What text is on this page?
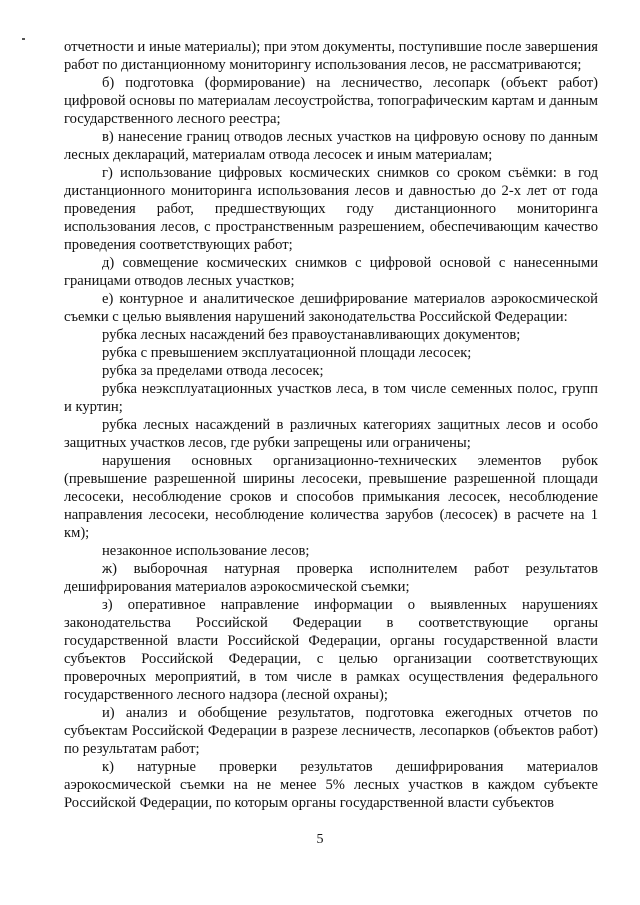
отчетности и иные материалы); при этом документы, поступившие после завершения работ по дистанционному мониторингу использования лесов, не рассматриваются;

б) подготовка (формирование) на лесничество, лесопарк (объект работ) цифровой основы по материалам лесоустройства, топографическим картам и данным государственного лесного реестра;

в) нанесение границ отводов лесных участков на цифровую основу по данным лесных деклараций, материалам отвода лесосек и иным материалам;

г) использование цифровых космических снимков со сроком съёмки: в год дистанционного мониторинга использования лесов и давностью до 2-х лет от года проведения работ, предшествующих году дистанционного мониторинга использования лесов, с пространственным разрешением, обеспечивающим качество проведения соответствующих работ;

д) совмещение космических снимков с цифровой основой с нанесенными границами отводов лесных участков;

е) контурное и аналитическое дешифрирование материалов аэрокосмической съемки с целью выявления нарушений законодательства Российской Федерации:

рубка лесных насаждений без правоустанавливающих документов;

рубка с превышением эксплуатационной площади лесосек;

рубка за пределами отвода лесосек;

рубка неэксплуатационных участков леса, в том числе семенных полос, групп и куртин;

рубка лесных насаждений в различных категориях защитных лесов и особо защитных участков лесов, где рубки запрещены или ограничены;

нарушения основных организационно-технических элементов рубок (превышение разрешенной ширины лесосеки, превышение разрешенной площади лесосеки, несоблюдение сроков и способов примыкания лесосек, несоблюдение направления лесосеки, несоблюдение количества зарубов (лесосек) в расчете на 1 км);

незаконное использование лесов;

ж) выборочная натурная проверка исполнителем работ результатов дешифрирования материалов аэрокосмической съемки;

з) оперативное направление информации о выявленных нарушениях законодательства Российской Федерации в соответствующие органы государственной власти Российской Федерации, органы государственной власти субъектов Российской Федерации, с целью организации соответствующих проверочных мероприятий, в том числе в рамках осуществления федерального государственного лесного надзора (лесной охраны);

и) анализ и обобщение результатов, подготовка ежегодных отчетов по субъектам Российской Федерации в разрезе лесничеств, лесопарков (объектов работ) по результатам работ;

к) натурные проверки результатов дешифрирования материалов аэрокосмической съемки на не менее 5% лесных участков в каждом субъекте Российской Федерации, по которым органы государственной власти субъектов

5
